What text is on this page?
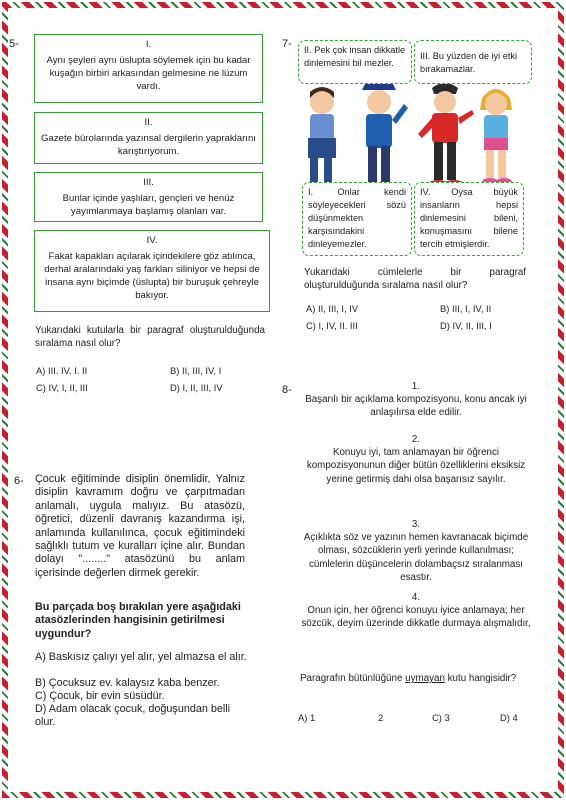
5-	I.
Aynı şeyleri aynı üslupta söylemek için bu kadar kuşağın birbiri arkasından gelmesine ne lüzum vardı.
II.
Gazete bürolarında yazınsal dergilerin yapraklarını karıştırıyorum.
III.
Bunlar içinde yaşlıları, gençleri ve henüz yayımlanmaya başlamış olanları var.
IV.
Fakat kapakları açılarak içindekilere göz atılınca, derhal aralarındaki yaş farkları siliniyor ve hepsi de insana aynı biçimde (üslupta) bir buruşuk çehreyle bakıyor.
Yukarıdaki kutularla bir paragraf oluşturulduğunda sıralama nasıl olur?
A) III. IV. I. II	B) II, III, IV, I
C) IV, I, II, III	D) I, II, III, IV
6- Çocuk eğitiminde disiplin önemlidir, Yalnız disiplin kavramım doğru ve çarpıtmadan anlamalı, uygula malıyız. Bu atasözü, öğretici, düzenli davranış kazandırma işi, anlamında kullanılınca, çocuk eğitimindeki sağlıklı tutum ve kuralları içine alır. Bundan dolayı "........" atasözünü bu anlam içerisinde değerlen dirmek gerekir.
Bu parçada boş bırakılan yere aşağıdaki atasözlerinden hangisinin getirilmesi uygundur?
A) Baskısız çalıyı yel alır, yel almazsa el alır.
B) Çocuksuz ev. kalaysız kaba benzer.
C) Çocuk, bir evin süsüdür.
D) Adam olacak çocuk, doğuşundan belli olur.
7-	II. Pek çok insan dikkatle dinlemesini bil mezler.
III. Bu yüzden de iyi etki bırakamazlar.
I. Onlar kendi söyleyecekleri sözü düşünmekten karşısındakini dinleyemezler.
IV. Oysa büyük insanların hepsi dinlemesini bileni, konuşmasını bilene tercih etmişlerdir.
Yukarıdaki cümlelerle bir paragraf oluşturulduğunda sıralama nasıl olur?
A) II, III, I, IV	B) III, I, IV, II
C) I, IV, II. III	D) IV, II, III, I
8-	1.
Başarılı bir açıklama kompozisyonu, konu ancak iyi anlaşılırsa elde edilir.
2.
Konuyu iyi, tam anlamayan bir öğrenci kompozisyonunun diğer bütün özelliklerini eksiksiz yerine getirmiş dahi olsa başarısız sayılır.
3.
Açıklıkta söz ve yazının hemen kavranacak biçimde olması, sözcüklerin yerli yerinde kullanılması; cümlelerin düşüncelerin dolambaçsız sıralanması esastır.
4.
Onun için, her öğrenci konuyu iyice anlamaya; her sözcük, deyim üzerinde dikkatle durmaya alışmalıdır,
Paragrafın bütünlüğüne uymayan kutu hangisidir?
A) 1	2	C) 3	D) 4
